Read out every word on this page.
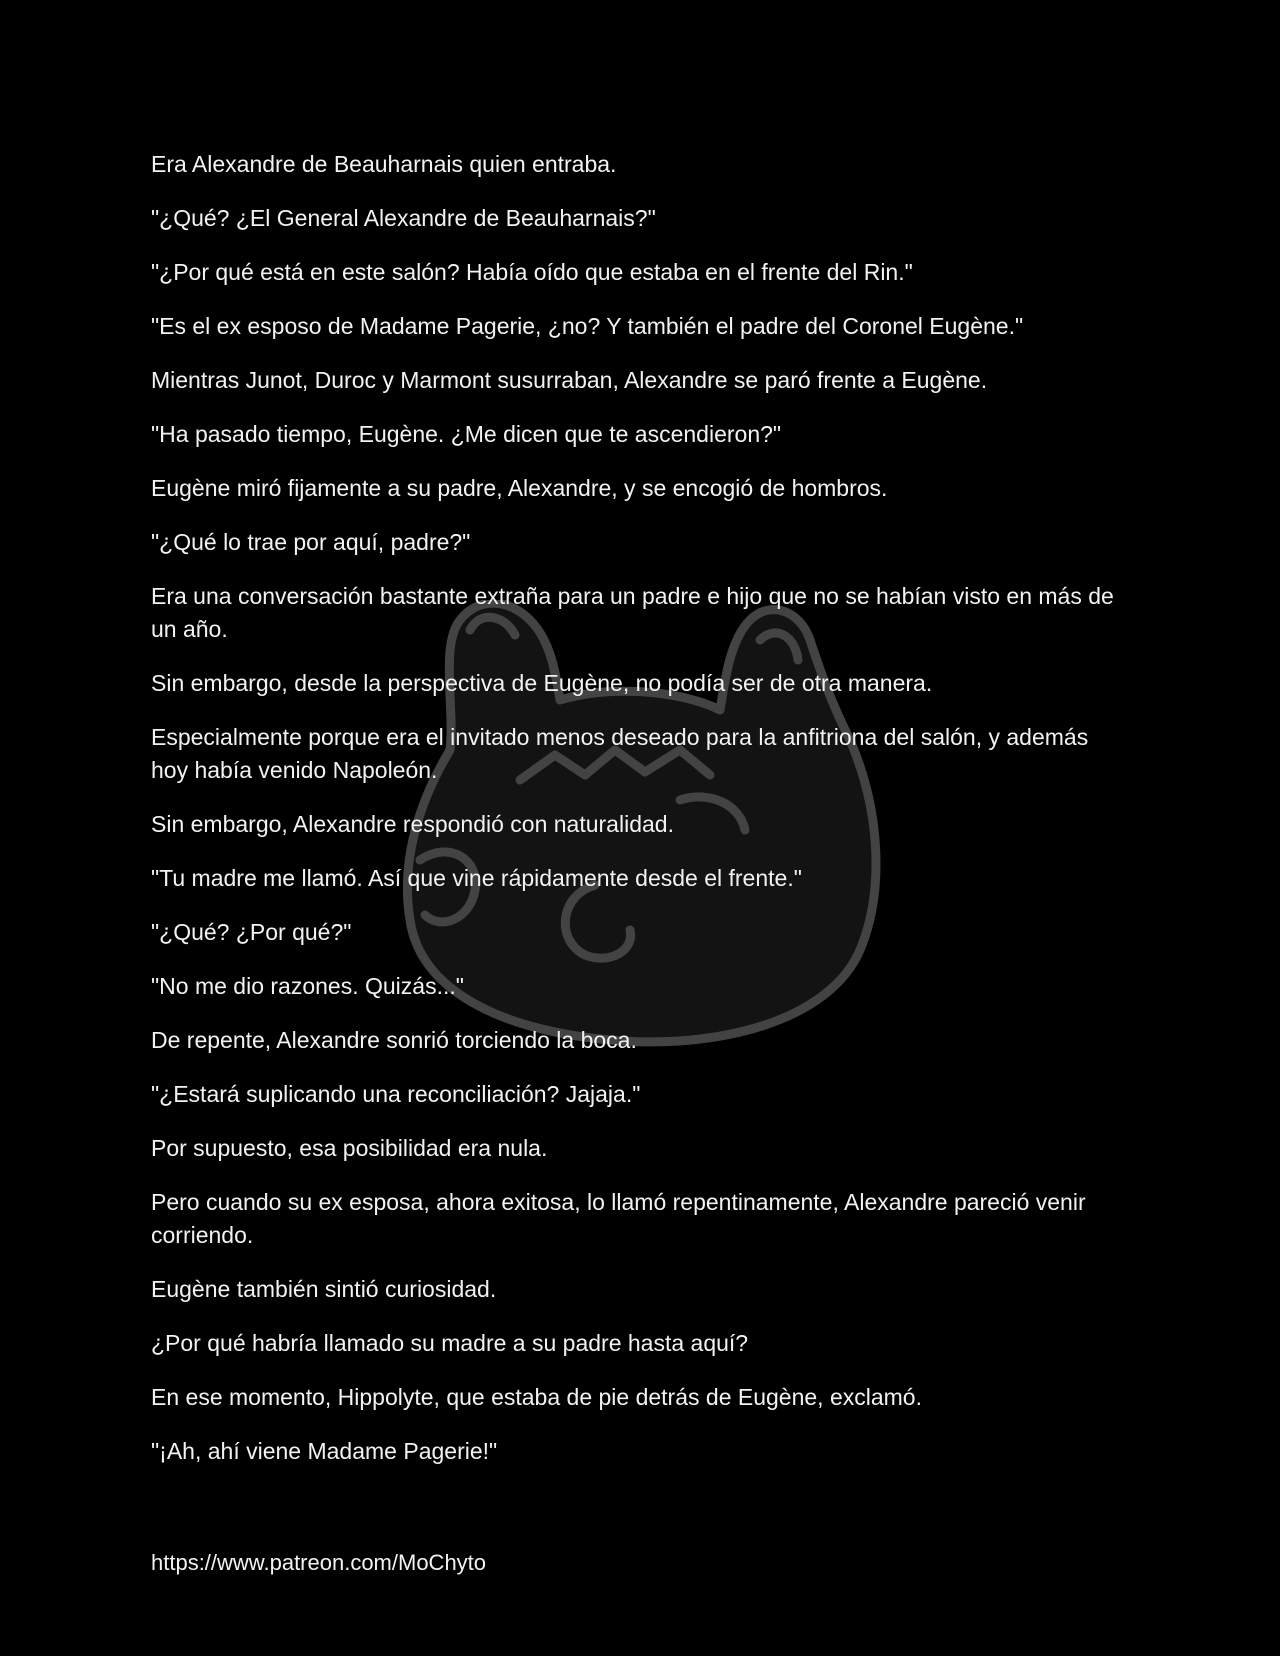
Era Alexandre de Beauharnais quien entraba.

"¿Qué? ¿El General Alexandre de Beauharnais?"

"¿Por qué está en este salón? Había oído que estaba en el frente del Rin."

"Es el ex esposo de Madame Pagerie, ¿no? Y también el padre del Coronel Eugène."

Mientras Junot, Duroc y Marmont susurraban, Alexandre se paró frente a Eugène.

"Ha pasado tiempo, Eugène. ¿Me dicen que te ascendieron?"

Eugène miró fijamente a su padre, Alexandre, y se encogió de hombros.

"¿Qué lo trae por aquí, padre?"

Era una conversación bastante extraña para un padre e hijo que no se habían visto en más de un año.

Sin embargo, desde la perspectiva de Eugène, no podía ser de otra manera.

Especialmente porque era el invitado menos deseado para la anfitriona del salón, y además hoy había venido Napoleón.

Sin embargo, Alexandre respondió con naturalidad.

"Tu madre me llamó. Así que vine rápidamente desde el frente."

"¿Qué? ¿Por qué?"

"No me dio razones. Quizás..."

De repente, Alexandre sonrió torciendo la boca.

"¿Estará suplicando una reconciliación? Jajaja."

Por supuesto, esa posibilidad era nula.

Pero cuando su ex esposa, ahora exitosa, lo llamó repentinamente, Alexandre pareció venir corriendo.

Eugène también sintió curiosidad.

¿Por qué habría llamado su madre a su padre hasta aquí?

En ese momento, Hippolyte, que estaba de pie detrás de Eugène, exclamó.

"¡Ah, ahí viene Madame Pagerie!"

https://www.patreon.com/MoChyto
